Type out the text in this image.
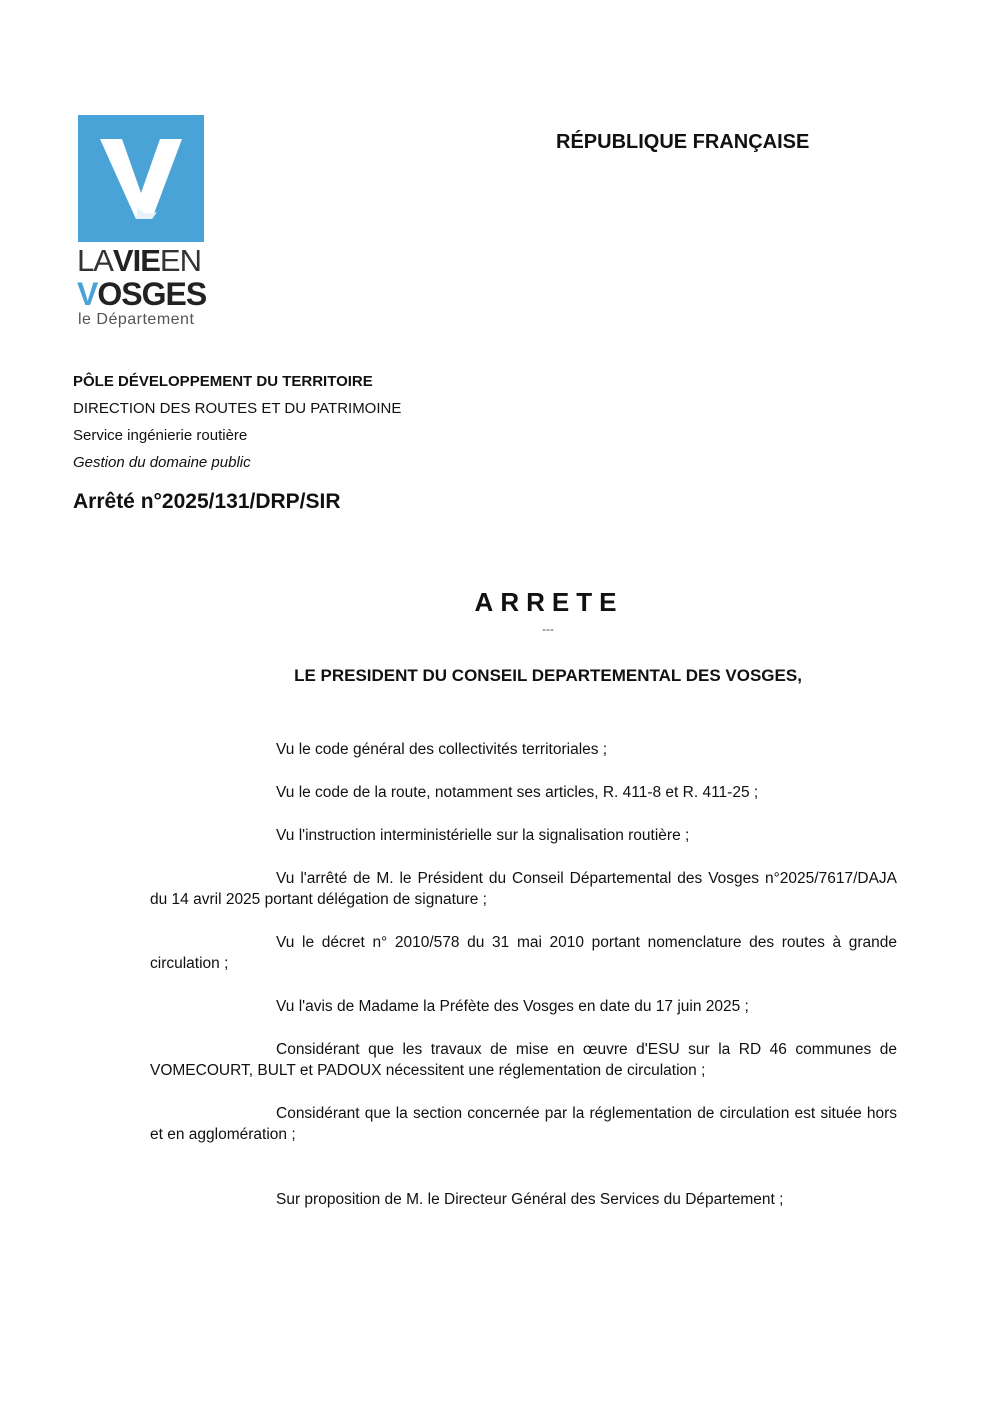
LAVIEEN
VOSGES
le Département
RÉPUBLIQUE FRANÇAISE
PÔLE DÉVELOPPEMENT DU TERRITOIRE
DIRECTION DES ROUTES ET DU PATRIMOINE
Service ingénierie routière
Gestion du domaine public
Arrêté n°2025/131/DRP/SIR
ARRETE
---
LE PRESIDENT DU CONSEIL DEPARTEMENTAL DES VOSGES,
Vu le code général des collectivités territoriales ;
Vu le code de la route, notamment ses articles, R. 411-8 et R. 411-25 ;
Vu l'instruction interministérielle sur la signalisation routière ;
Vu l'arrêté de M. le Président du Conseil Départemental des Vosges n°2025/7617/DAJA du 14 avril 2025 portant délégation de signature ;
Vu le décret n° 2010/578 du 31 mai 2010 portant nomenclature des routes à grande circulation ;
Vu l'avis de Madame la Préfète des Vosges en date du 17 juin 2025 ;
Considérant que les travaux de mise en œuvre d'ESU sur la RD 46 communes de VOMECOURT, BULT et PADOUX nécessitent une réglementation de circulation ;
Considérant que la section concernée par la réglementation de circulation est située hors et en agglomération ;
Sur proposition de M. le Directeur Général des Services du Département ;
